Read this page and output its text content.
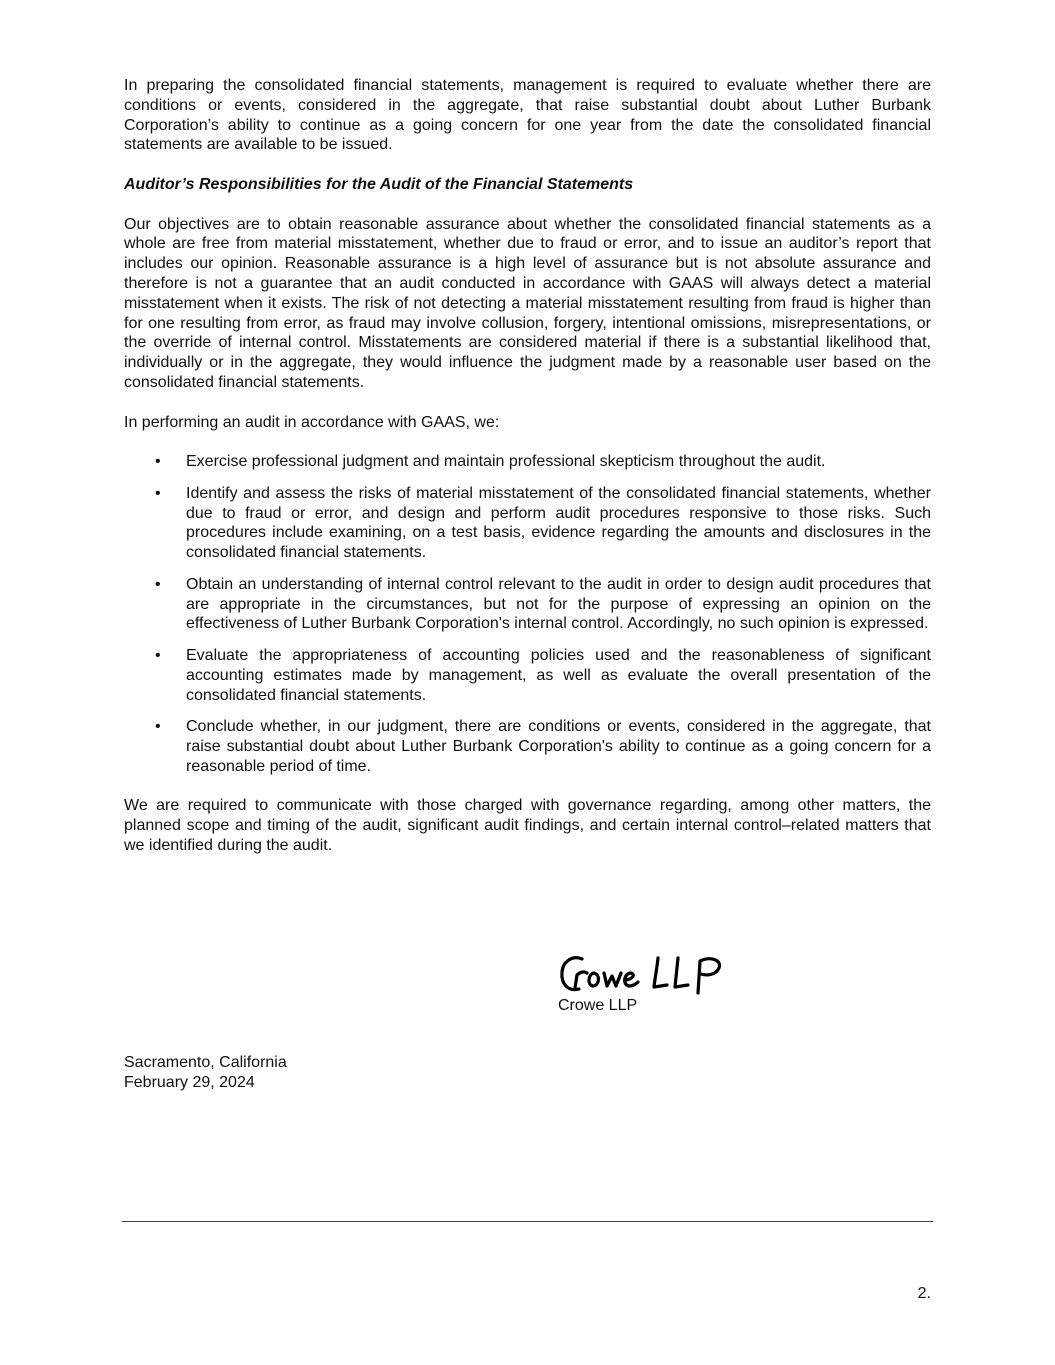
In preparing the consolidated financial statements, management is required to evaluate whether there are conditions or events, considered in the aggregate, that raise substantial doubt about Luther Burbank Corporation’s ability to continue as a going concern for one year from the date the consolidated financial statements are available to be issued.

Auditor’s Responsibilities for the Audit of the Financial Statements

Our objectives are to obtain reasonable assurance about whether the consolidated financial statements as a whole are free from material misstatement, whether due to fraud or error, and to issue an auditor’s report that includes our opinion. Reasonable assurance is a high level of assurance but is not absolute assurance and therefore is not a guarantee that an audit conducted in accordance with GAAS will always detect a material misstatement when it exists. The risk of not detecting a material misstatement resulting from fraud is higher than for one resulting from error, as fraud may involve collusion, forgery, intentional omissions, misrepresentations, or the override of internal control. Misstatements are considered material if there is a substantial likelihood that, individually or in the aggregate, they would influence the judgment made by a reasonable user based on the consolidated financial statements.

In performing an audit in accordance with GAAS, we:

• Exercise professional judgment and maintain professional skepticism throughout the audit.
• Identify and assess the risks of material misstatement of the consolidated financial statements, whether due to fraud or error, and design and perform audit procedures responsive to those risks. Such procedures include examining, on a test basis, evidence regarding the amounts and disclosures in the consolidated financial statements.
• Obtain an understanding of internal control relevant to the audit in order to design audit procedures that are appropriate in the circumstances, but not for the purpose of expressing an opinion on the effectiveness of Luther Burbank Corporation's internal control. Accordingly, no such opinion is expressed.
• Evaluate the appropriateness of accounting policies used and the reasonableness of significant accounting estimates made by management, as well as evaluate the overall presentation of the consolidated financial statements.
• Conclude whether, in our judgment, there are conditions or events, considered in the aggregate, that raise substantial doubt about Luther Burbank Corporation's ability to continue as a going concern for a reasonable period of time.

We are required to communicate with those charged with governance regarding, among other matters, the planned scope and timing of the audit, significant audit findings, and certain internal control–related matters that we identified during the audit.

Crowe LLP
Sacramento, California
February 29, 2024
2.
